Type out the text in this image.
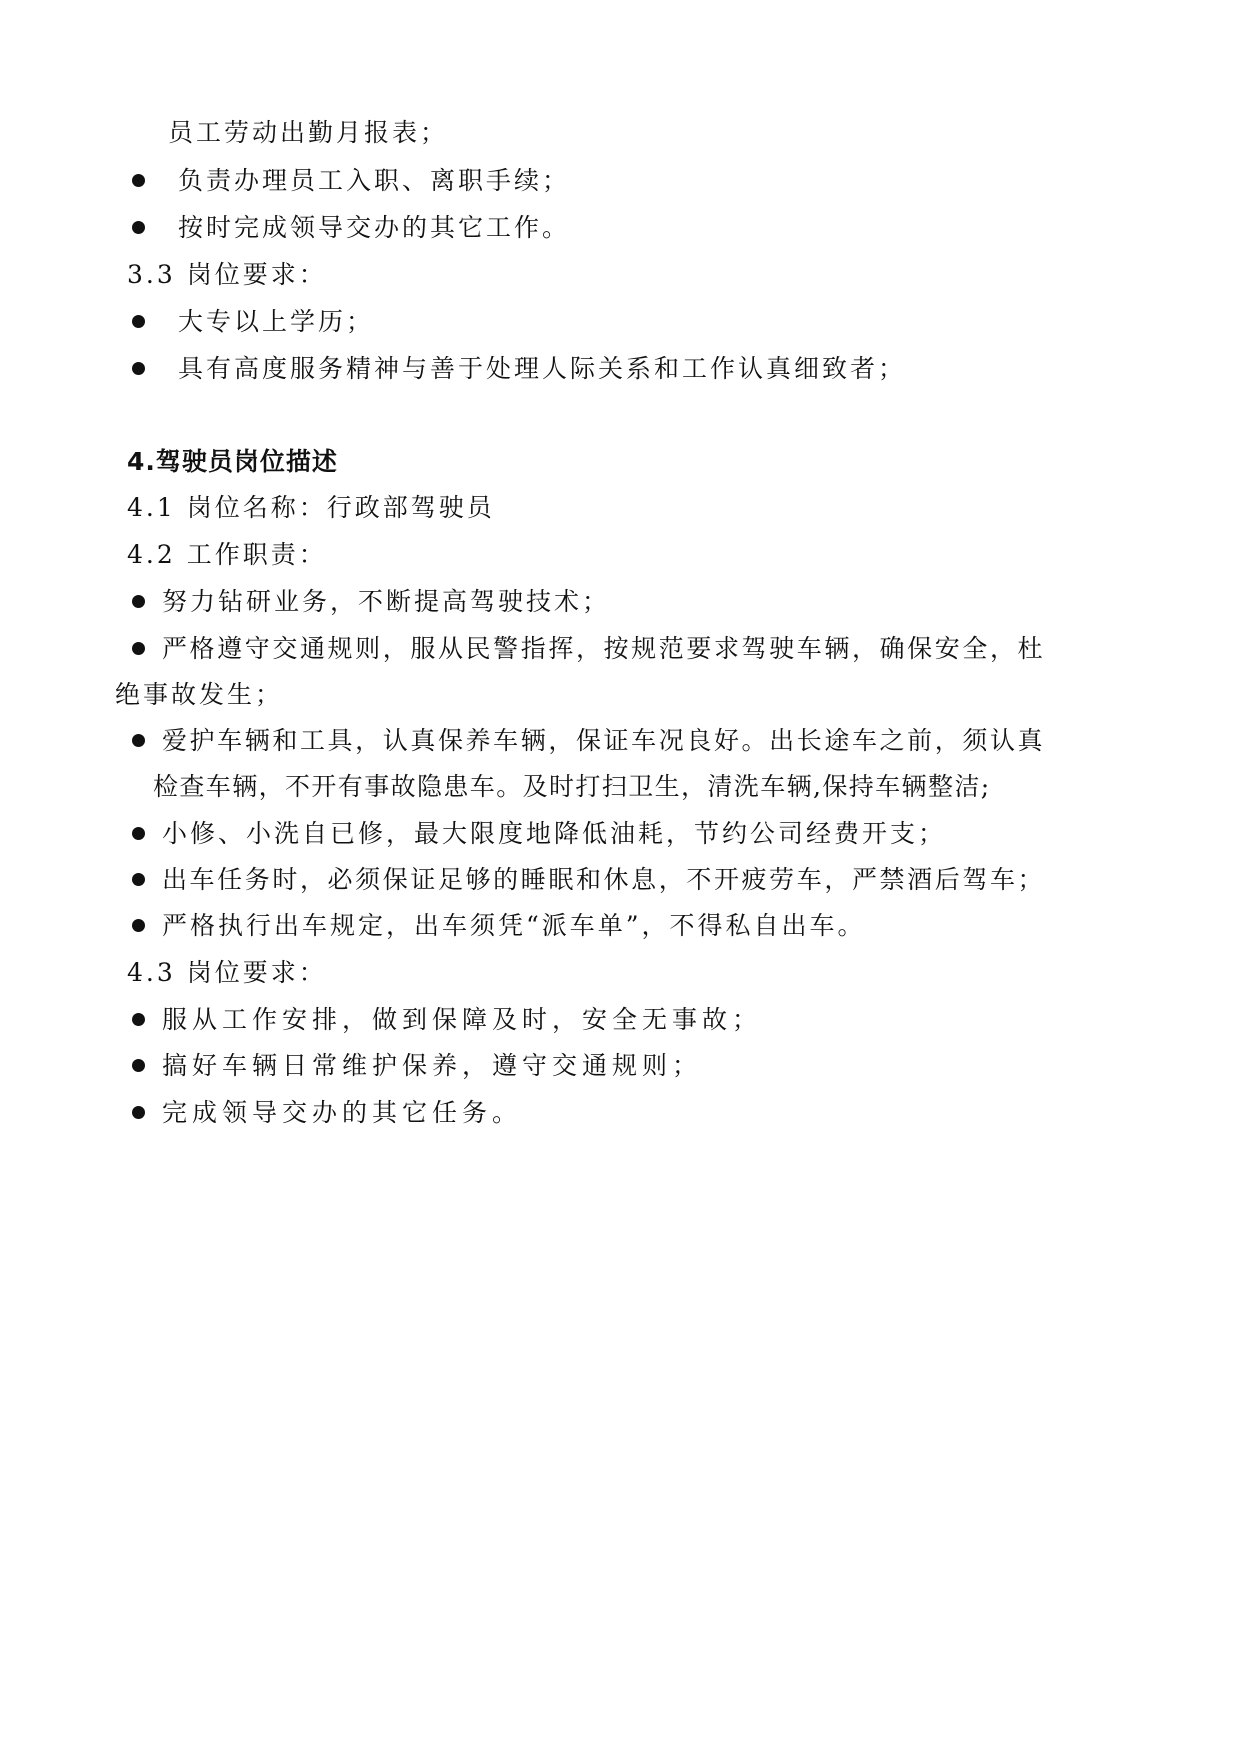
员工劳动出勤月报表；
负责办理员工入职、离职手续；
按时完成领导交办的其它工作。
3.3 岗位要求：
大专以上学历；
具有高度服务精神与善于处理人际关系和工作认真细致者；
4.驾驶员岗位描述
4.1 岗位名称：行政部驾驶员
4.2 工作职责：
努力钻研业务，不断提高驾驶技术；
严格遵守交通规则，服从民警指挥，按规范要求驾驶车辆，确保安全，杜
绝事故发生；
爱护车辆和工具，认真保养车辆，保证车况良好。出长途车之前，须认真
检查车辆，不开有事故隐患车。及时打扫卫生，清洗车辆,保持车辆整洁;
小修、小洗自已修，最大限度地降低油耗，节约公司经费开支；
出车任务时，必须保证足够的睡眠和休息，不开疲劳车，严禁酒后驾车；
严格执行出车规定，出车须凭“派车单”，不得私自出车。
4.3 岗位要求：
服从工作安排，做到保障及时，安全无事故；
搞好车辆日常维护保养，遵守交通规则；
完成领导交办的其它任务。
